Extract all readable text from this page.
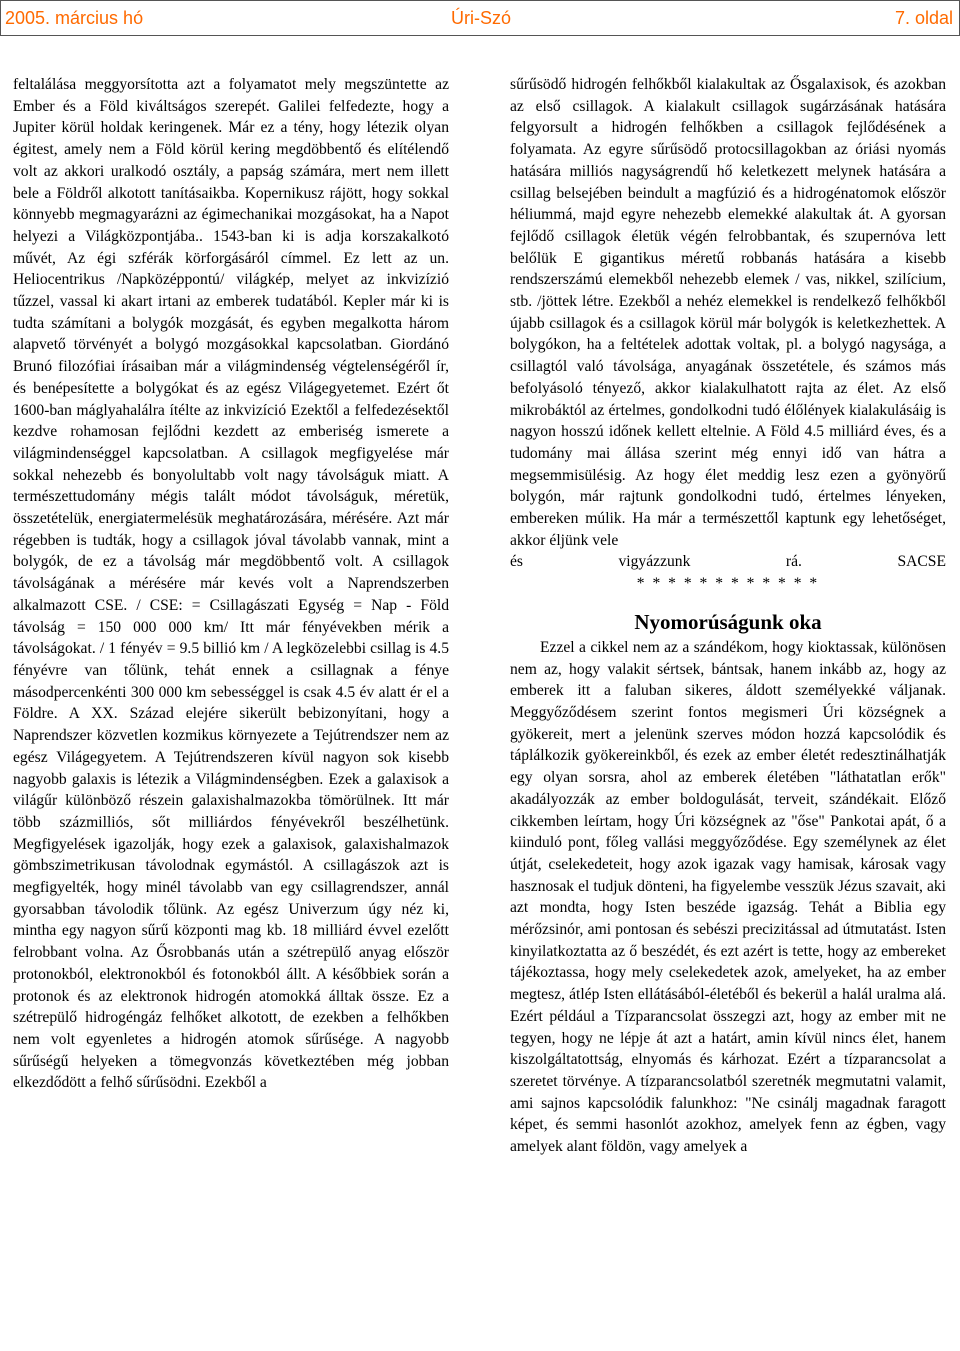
2005. március hó	Úri-Szó	7. oldal

feltalálása meggyorsította azt a folyamatot mely megszüntette az Ember és a Föld kiváltságos szerepét. Galilei felfedezte, hogy a Jupiter körül holdak keringenek. Már ez a tény, hogy létezik olyan égitest, amely nem a Föld körül kering megdöbbentő és elítélendő volt az akkori uralkodó osztály, a papság számára, mert nem illett bele a Földről alkotott tanításaikba. Kopernikusz rájött, hogy sokkal könnyebb megmagyarázni az égimechanikai mozgásokat, ha a Napot helyezi a Világközpontjába.. 1543-ban ki is adja korszakalkotó művét, Az égi szférák körforgásáról címmel. Ez lett az un. Heliocentrikus /Napközéppontú/ világkép, melyet az inkvizízió tűzzel, vassal ki akart irtani az emberek tudatából. Kepler már ki is tudta számítani a bolygók mozgását, és egyben megalkotta három alapvető törvényét a bolygó mozgásokkal kapcsolatban. Giordánó Brunó filozófiai írásaiban már a világmindenség végtelenségéről ír, és benépesítette a bolygókat és az egész Világegyetemet. Ezért őt 1600-ban máglyahalálra ítélte az inkvizíció Ezektől a felfedezésektől kezdve rohamosan fejlődni kezdett az emberiség ismerete a világmindenséggel kapcsolatban. A csillagok megfigyelése már sokkal nehezebb és bonyolultabb volt nagy távolságuk miatt. A természettudomány mégis talált módot távolságuk, méretük, összetételük, energiatermelésük meghatározására, mérésére. Azt már régebben is tudták, hogy a csillagok jóval távolabb vannak, mint a bolygók, de ez a távolság már megdöbbentő volt. A csillagok távolságának a mérésére már kevés volt a Naprendszerben alkalmazott CSE. / CSE: = Csillagászati Egység = Nap - Föld távolság = 150 000 000 km/ Itt már fényévekben mérik a távolságokat. / 1 fényév = 9.5 billió km / A legközelebbi csillag is 4.5 fényévre van tőlünk, tehát ennek a csillagnak a fénye másodpercenkénti 300 000 km sebességgel is csak 4.5 év alatt ér el a Földre. A XX. Század elejére sikerült bebizonyítani, hogy a Naprendszer közvetlen kozmikus környezete a Tejútrendszer nem az egész Világegyetem. A Tejútrendszeren kívül nagyon sok kisebb nagyobb galaxis is létezik a Világmindenségben. Ezek a galaxisok a világűr különböző részein galaxishalmazokba tömörülnek. Itt már több százmilliós, sőt milliárdos fényévekről beszélhetünk. Megfigyelések igazolják, hogy ezek a galaxisok, galaxishalmazok gömbszimetrikusan távolodnak egymástól. A csillagászok azt is megfigyelték, hogy minél távolabb van egy csillagrendszer, annál gyorsabban távolodik tőlünk. Az egész Univerzum úgy néz ki, mintha egy nagyon sűrű központi mag kb. 18 milliárd évvel ezelőtt felrobbant volna. Az Ősrobbanás után a szétrepülő anyag először protonokból, elektronokból és fotonokból állt. A későbbiek során a protonok és az elektronok hidrogén atomokká álltak össze. Ez a szétrepülő hidrogéngáz felhőket alkotott, de ezekben a felhőkben nem volt egyenletes a hidrogén atomok sűrűsége. A nagyobb sűrűségű helyeken a tömegvonzás következtében még jobban elkezdődött a felhő sűrűsödni. Ezekből a

sűrűsödő hidrogén felhőkből kialakultak az Ősgalaxisok, és azokban az első csillagok. A kialakult csillagok sugárzásának hatására felgyorsult a hidrogén felhőkben a csillagok fejlődésének a folyamata. Az egyre sűrűsödő protocsillagokban az óriási nyomás hatására milliós nagyságrendű hő keletkezett melynek hatására a csillag belsejében beindult a magfúzió és a hidrogénatomok először héliummá, majd egyre nehezebb elemekké alakultak át. A gyorsan fejlődő csillagok életük végén felrobbantak, és szupernóva lett belőlük E gigantikus méretű robbanás hatására a kisebb rendszerszámú elemekből nehezebb elemek / vas, nikkel, szilícium, stb. /jöttek létre. Ezekből a nehéz elemekkel is rendelkező felhőkből újabb csillagok és a csillagok körül már bolygók is keletkezhettek. A bolygókon, ha a feltételek adottak voltak, pl. a bolygó nagysága, a csillagtól való távolsága, anyagának összetétele, és számos más befolyásoló tényező, akkor kialakulhatott rajta az élet. Az első mikrobáktól az értelmes, gondolkodni tudó élőlények kialakulásáig is nagyon hosszú időnek kellett eltelnie. A Föld 4.5 milliárd éves, és a tudomány mai állása szerint még ennyi idő van hátra a megsemmisülésig. Az hogy élet meddig lesz ezen a gyönyörű bolygón, már rajtunk gondolkodni tudó, értelmes lényeken, embereken múlik. Ha már a természettől kaptunk egy lehetőséget, akkor éljünk vele

és vigyázzunk rá.	SACSE

* * * * * * * * * * * *

Nyomorúságunk oka

Ezzel a cikkel nem az a szándékom, hogy kioktassak, különösen nem az, hogy valakit sértsek, bántsak, hanem inkább az, hogy az emberek itt a faluban sikeres, áldott személyekké váljanak. Meggyőződésem szerint fontos megismeri Úri községnek a gyökereit, mert a jelenünk szerves módon hozzá kapcsolódik és táplálkozik gyökereinkből, és ezek az ember életét redesztinálhatják egy olyan sorsra, ahol az emberek életében "láthatatlan erők" akadályozzák az ember boldogulását, terveit, szándékait. Előző cikkemben leírtam, hogy Úri községnek az "őse" Pankotai apát, ő a kiinduló pont, főleg vallási meggyőződése. Egy személynek az élet útját, cselekedeteit, hogy azok igazak vagy hamisak, károsak vagy hasznosak el tudjuk dönteni, ha figyelembe vesszük Jézus szavait, aki azt mondta, hogy Isten beszéde igazság. Tehát a Biblia egy mérőzsinór, ami pontosan és sebészi precizitással ad útmutatást. Isten kinyilatkoztatta az ő beszédét, és ezt azért is tette, hogy az embereket tájékoztassa, hogy mely cselekedetek azok, amelyeket, ha az ember megtesz, átlép Isten ellátásából-életéből és bekerül a halál uralma alá. Ezért például a Tízparancsolat összegzi azt, hogy az ember mit ne tegyen, hogy ne lépje át azt a határt, amin kívül nincs élet, hanem kiszolgáltatottság, elnyomás és kárhozat. Ezért a tízparancsolat a szeretet törvénye. A tízparancsolatból szeretnék megmutatni valamit, ami sajnos kapcsolódik falunkhoz: "Ne csinálj magadnak faragott képet, és semmi hasonlót azokhoz, amelyek fenn az égben, vagy amelyek alant földön, vagy amelyek a
